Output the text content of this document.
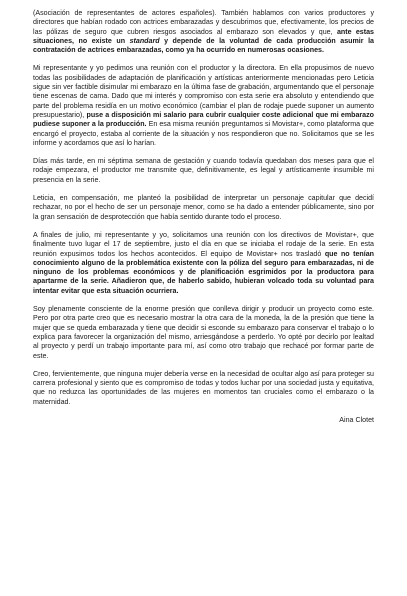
(Asociación de representantes de actores españoles). También hablamos con varios productores y directores que habían rodado con actrices embarazadas y descubrimos que, efectivamente, los precios de las pólizas de seguro que cubren riesgos asociados al embarazo son elevados y que, ante estas situaciones, no existe un standard y depende de la voluntad de cada producción asumir la contratación de actrices embarazadas, como ya ha ocurrido en numerosas ocasiones.

Mi representante y yo pedimos una reunión con el productor y la directora. En ella propusimos de nuevo todas las posibilidades de adaptación de planificación y artísticas anteriormente mencionadas pero Leticia sigue sin ver factible disimular mi embarazo en la última fase de grabación, argumentando que el personaje tiene escenas de cama. Dado que mi interés y compromiso con esta serie era absoluto y entendiendo que parte del problema residía en un motivo económico (cambiar el plan de rodaje puede suponer un aumento presupuestario), puse a disposición mi salario para cubrir cualquier coste adicional que mi embarazo pudiese suponer a la producción. En esa misma reunión preguntamos si Movistar+, como plataforma que encargó el proyecto, estaba al corriente de la situación y nos respondieron que no. Solicitamos que se les informe y acordamos que así lo harían.

Días más tarde, en mi séptima semana de gestación y cuando todavía quedaban dos meses para que el rodaje empezara, el productor me transmite que, definitivamente, es legal y artísticamente insumible mi presencia en la serie.

Leticia, en compensación, me planteó la posibilidad de interpretar un personaje capitular que decidí rechazar, no por el hecho de ser un personaje menor, como se ha dado a entender públicamente, sino por la gran sensación de desprotección que había sentido durante todo el proceso.

A finales de julio, mi representante y yo, solicitamos una reunión con los directivos de Movistar+, que finalmente tuvo lugar el 17 de septiembre, justo el día en que se iniciaba el rodaje de la serie. En esta reunión expusimos todos los hechos acontecidos. El equipo de Movistar+ nos trasladó que no tenían conocimiento alguno de la problemática existente con la póliza del seguro para embarazadas, ni de ninguno de los problemas económicos y de planificación esgrimidos por la productora para apartarme de la serie. Añadieron que, de haberlo sabido, hubieran volcado toda su voluntad para intentar evitar que esta situación ocurriera.

Soy plenamente consciente de la enorme presión que conlleva dirigir y producir un proyecto como este. Pero por otra parte creo que es necesario mostrar la otra cara de la moneda, la de la presión que tiene la mujer que se queda embarazada y tiene que decidir si esconde su embarazo para conservar el trabajo o lo explica para favorecer la organización del mismo, arriesgándose a perderlo. Yo opté por decirlo por lealtad al proyecto y perdí un trabajo importante para mí, así como otro trabajo que rechacé por formar parte de este.

Creo, fervientemente, que ninguna mujer debería verse en la necesidad de ocultar algo así para proteger su carrera profesional y siento que es compromiso de todas y todos luchar por una sociedad justa y equitativa, que no reduzca las oportunidades de las mujeres en momentos tan cruciales como el embarazo o la maternidad.

Aina Clotet
